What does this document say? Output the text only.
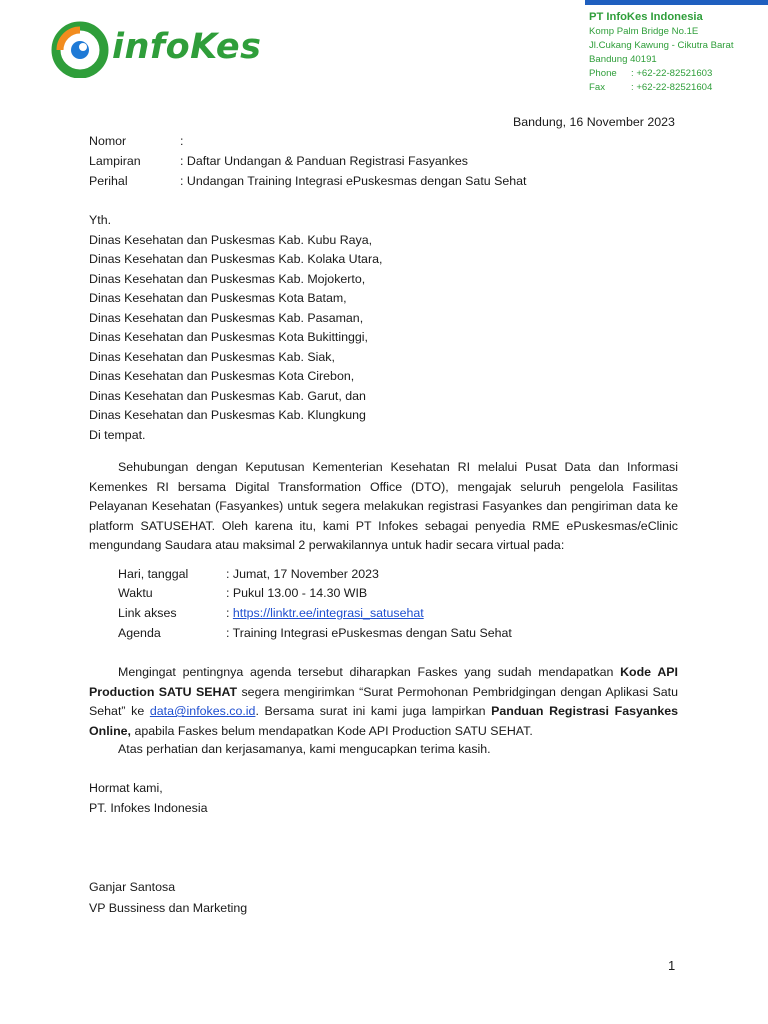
infoKes
PT InfoKes Indonesia
Komp Palm Bridge No.1E
Jl.Cukang Kawung - Cikutra Barat
Bandung 40191
Phone : +62-22-82521603
Fax	: +62-22-82521604
Bandung, 16 November 2023
Nomor	:
Lampiran	: Daftar Undangan & Panduan Registrasi Fasyankes
Perihal	: Undangan Training Integrasi ePuskesmas dengan Satu Sehat
Yth.
Dinas Kesehatan dan Puskesmas Kab. Kubu Raya,
Dinas Kesehatan dan Puskesmas Kab. Kolaka Utara,
Dinas Kesehatan dan Puskesmas Kab. Mojokerto,
Dinas Kesehatan dan Puskesmas Kota Batam,
Dinas Kesehatan dan Puskesmas Kab. Pasaman,
Dinas Kesehatan dan Puskesmas Kota Bukittinggi,
Dinas Kesehatan dan Puskesmas Kab. Siak,
Dinas Kesehatan dan Puskesmas Kota Cirebon,
Dinas Kesehatan dan Puskesmas Kab. Garut, dan
Dinas Kesehatan dan Puskesmas Kab. Klungkung
Di tempat.

Sehubungan dengan Keputusan Kementerian Kesehatan RI melalui Pusat Data dan Informasi Kemenkes RI bersama Digital Transformation Office (DTO), mengajak seluruh pengelola Fasilitas Pelayanan Kesehatan (Fasyankes) untuk segera melakukan registrasi Fasyankes dan pengiriman data ke platform SATUSEHAT. Oleh karena itu, kami PT Infokes sebagai penyedia RME ePuskesmas/eClinic mengundang Saudara atau maksimal 2 perwakilannya untuk hadir secara virtual pada:

Hari, tanggal	: Jumat, 17 November 2023
Waktu	: Pukul 13.00 - 14.30 WIB
Link akses	: https://linktr.ee/integrasi_satusehat
Agenda	: Training Integrasi ePuskesmas dengan Satu Sehat

Mengingat pentingnya agenda tersebut diharapkan Faskes yang sudah mendapatkan Kode API Production SATU SEHAT segera mengirimkan “Surat Permohonan Pembridgingan dengan Aplikasi Satu Sehat” ke data@infokes.co.id. Bersama surat ini kami juga lampirkan Panduan Registrasi Fasyankes Online, apabila Faskes belum mendapatkan Kode API Production SATU SEHAT.

Atas perhatian dan kerjasamanya, kami mengucapkan terima kasih.
Hormat kami,
PT. Infokes Indonesia
Ganjar Santosa
VP Bussiness dan Marketing
1
